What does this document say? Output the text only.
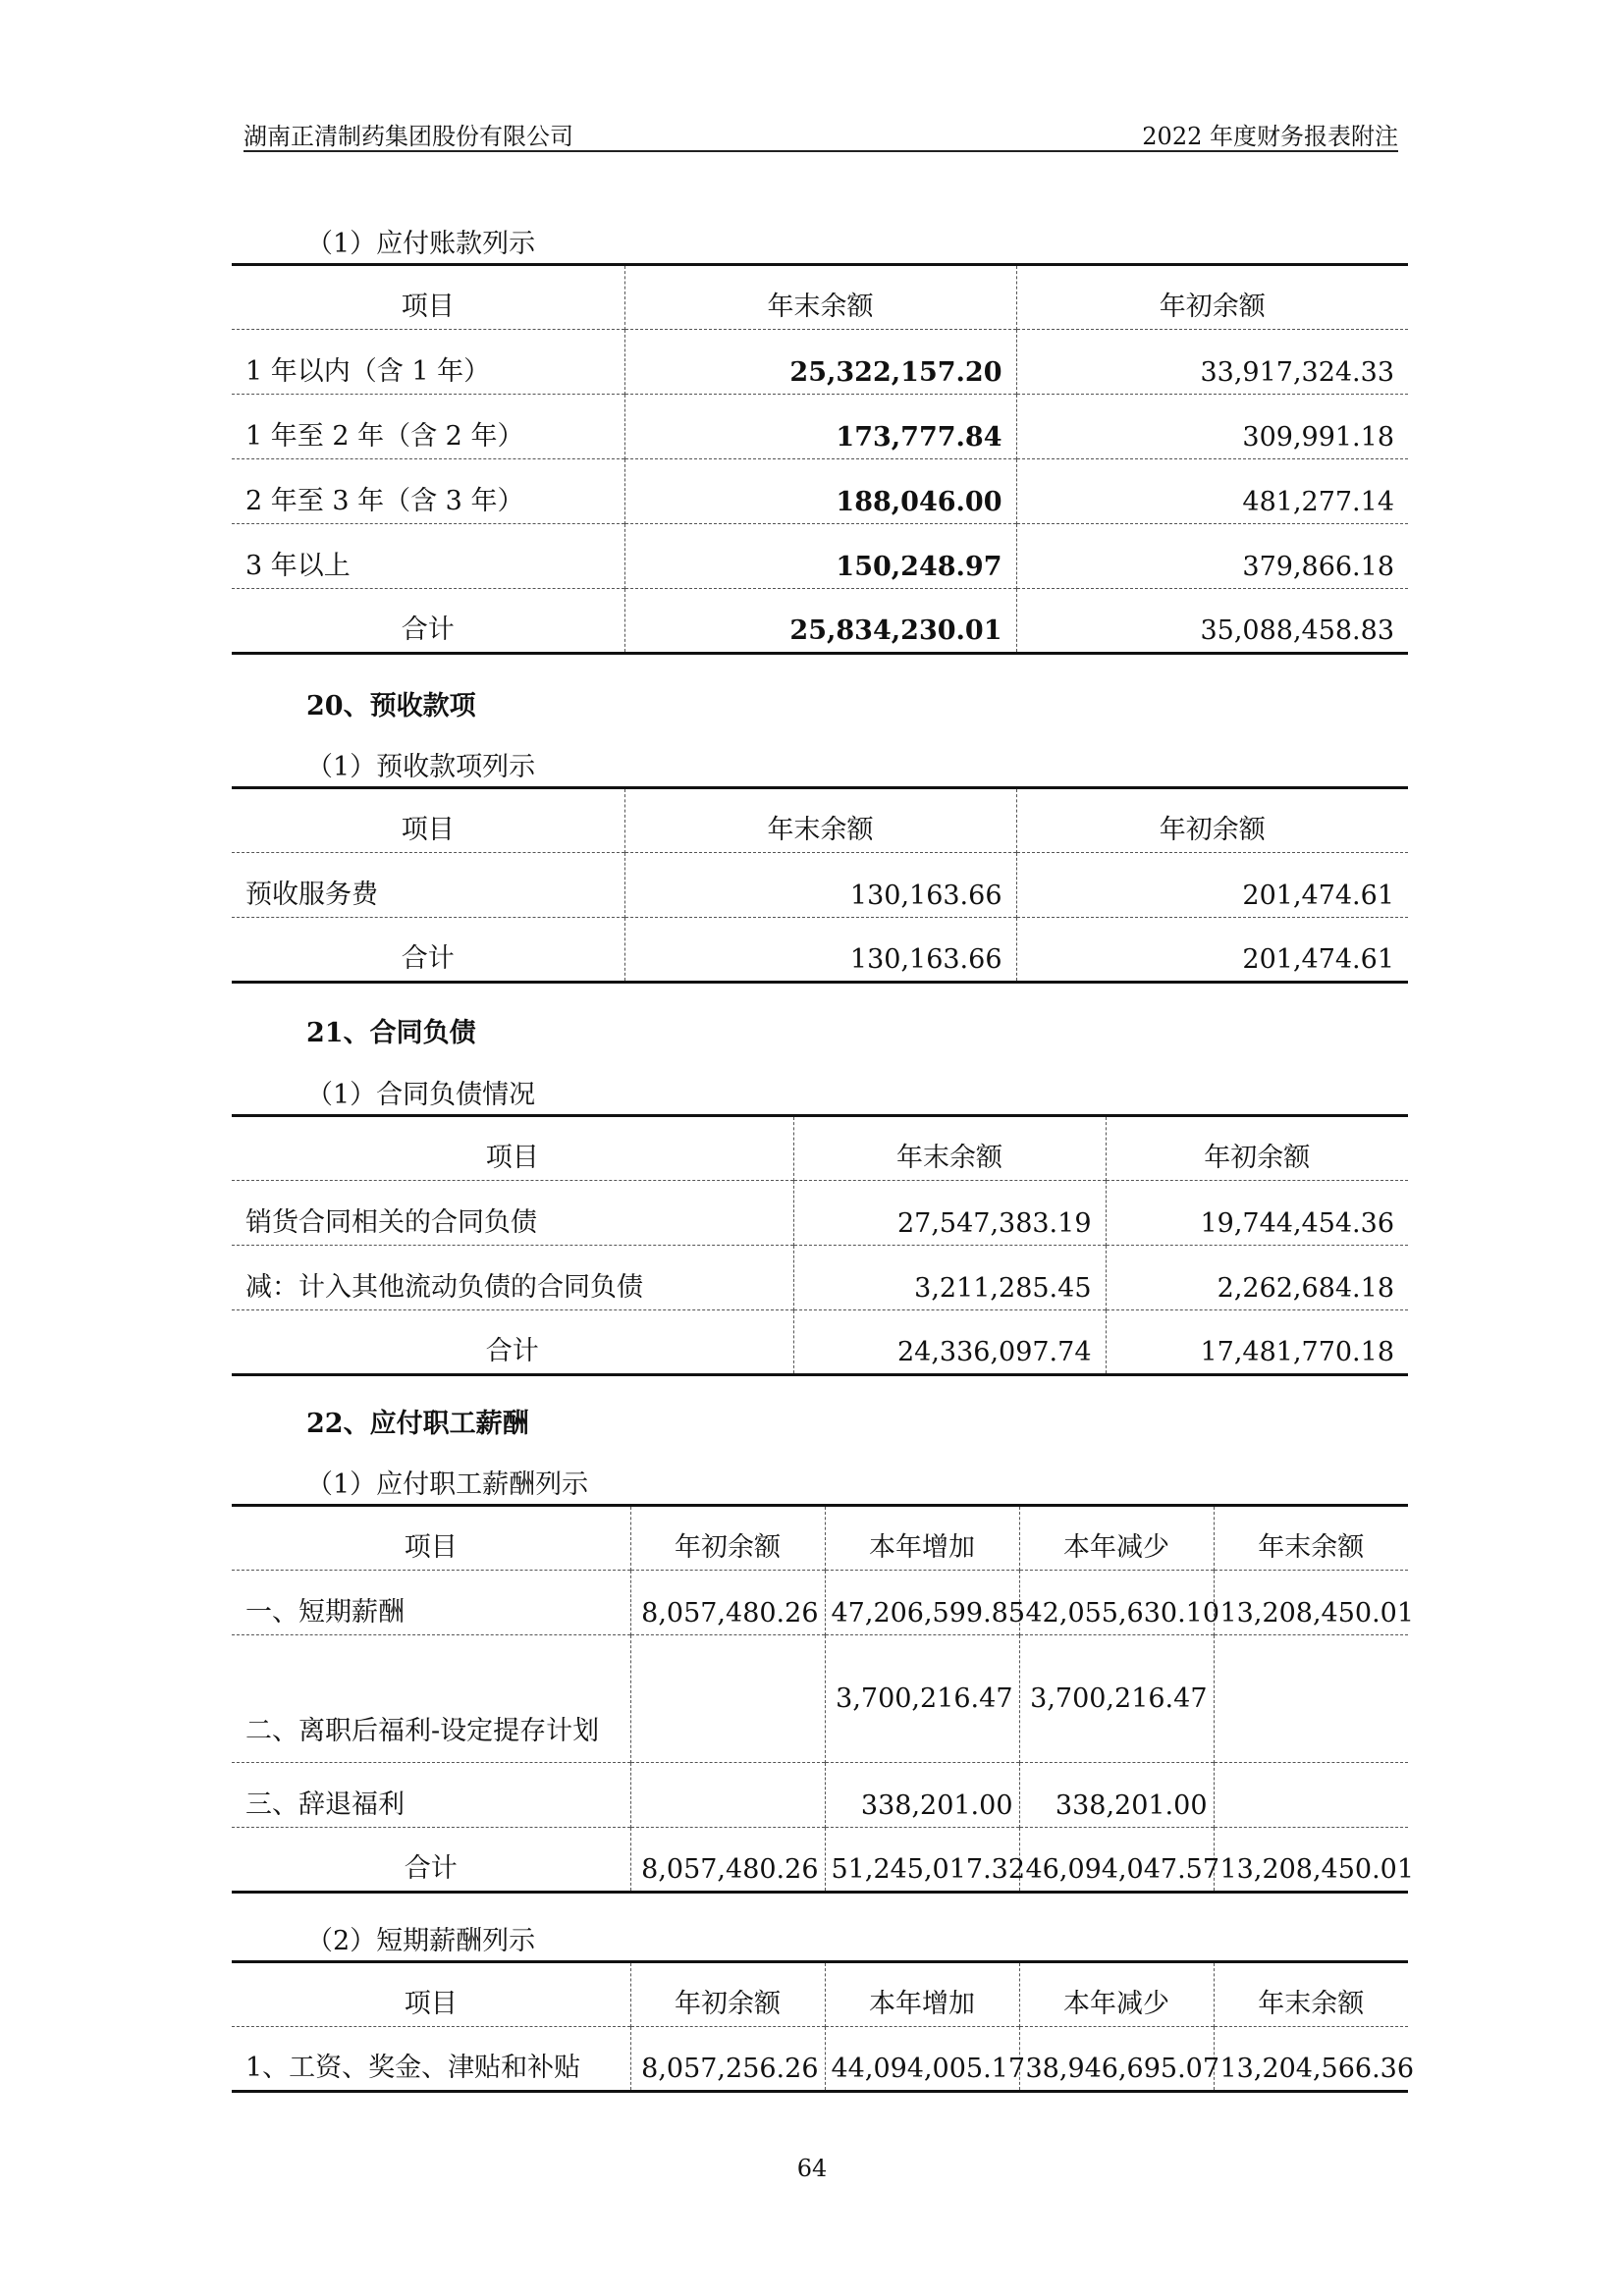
湖南正清制药集团股份有限公司	2022 年度财务报表附注
（1）应付账款列示
项目	年末余额	年初余额
1 年以内（含 1 年）	25,322,157.20	33,917,324.33
1 年至 2 年（含 2 年）	173,777.84	309,991.18
2 年至 3 年（含 3 年）	188,046.00	481,277.14
3 年以上	150,248.97	379,866.18
合计	25,834,230.01	35,088,458.83
20、预收款项
（1）预收款项列示
项目	年末余额	年初余额
预收服务费	130,163.66	201,474.61
合计	130,163.66	201,474.61
21、合同负债
（1）合同负债情况
项目	年末余额	年初余额
销货合同相关的合同负债	27,547,383.19	19,744,454.36
减：计入其他流动负债的合同负债	3,211,285.45	2,262,684.18
合计	24,336,097.74	17,481,770.18
22、应付职工薪酬
（1）应付职工薪酬列示
项目	年初余额	本年增加	本年减少	年末余额
一、短期薪酬	8,057,480.26	47,206,599.85	42,055,630.10	13,208,450.01
二、离职后福利-设定提存计划		3,700,216.47	3,700,216.47	
三、辞退福利		338,201.00	338,201.00	
合计	8,057,480.26	51,245,017.32	46,094,047.57	13,208,450.01
（2）短期薪酬列示
项目	年初余额	本年增加	本年减少	年末余额
1、工资、奖金、津贴和补贴	8,057,256.26	44,094,005.17	38,946,695.07	13,204,566.36
64
